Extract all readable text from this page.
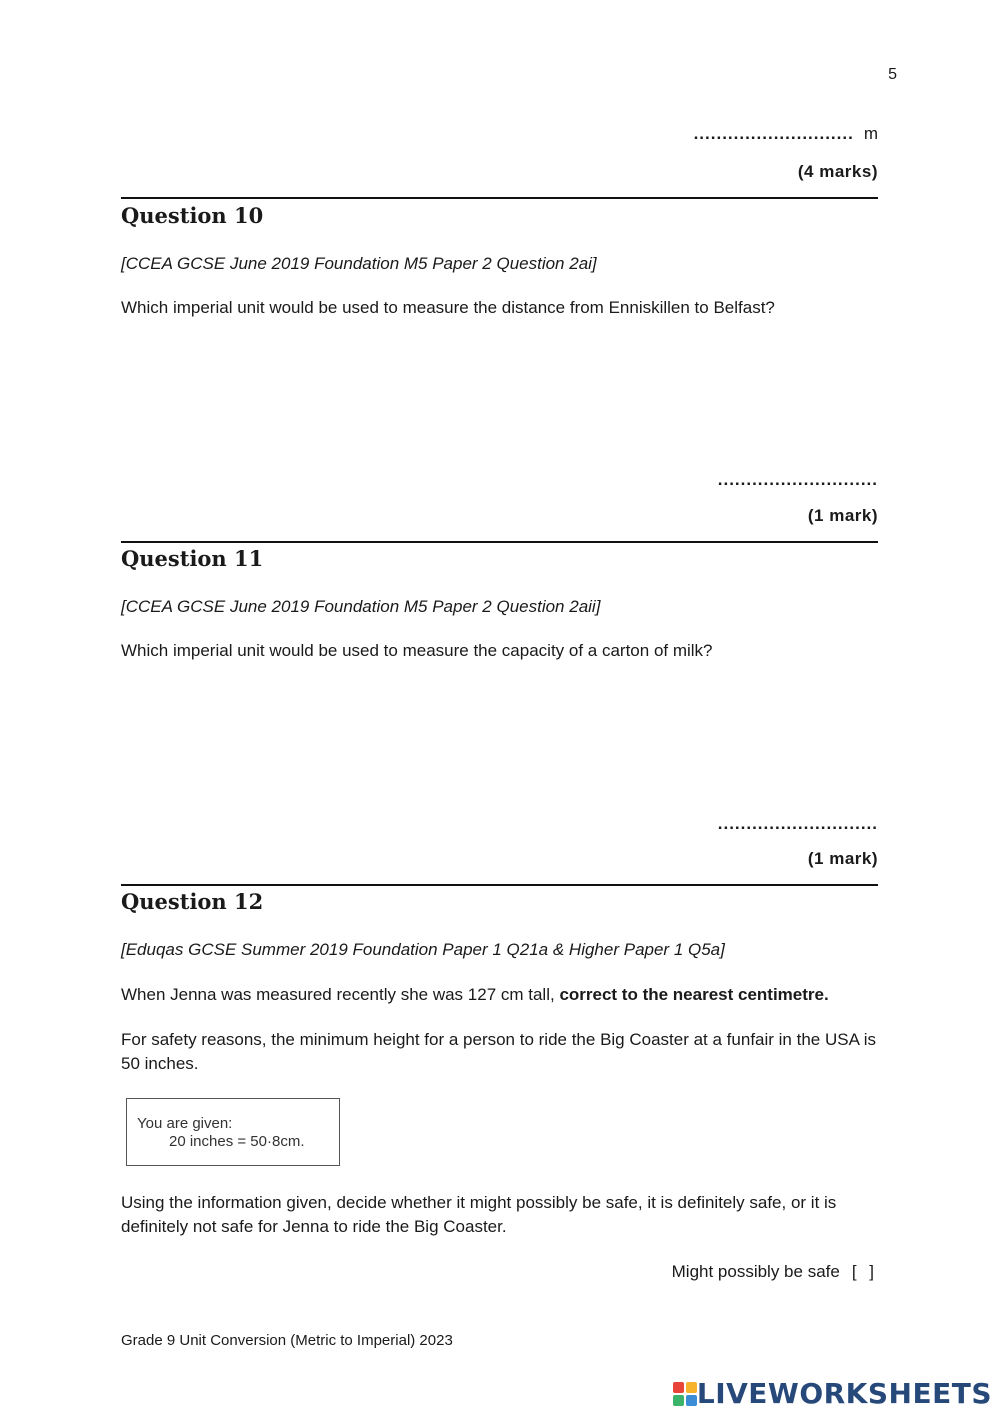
5
............................ m
(4 marks)
Question 10
[CCEA GCSE June 2019 Foundation M5 Paper 2 Question 2ai]
Which imperial unit would be used to measure the distance from Enniskillen to Belfast?
............................
(1 mark)
Question 11
[CCEA GCSE June 2019 Foundation M5 Paper 2 Question 2aii]
Which imperial unit would be used to measure the capacity of a carton of milk?
............................
(1 mark)
Question 12
[Eduqas GCSE Summer 2019 Foundation Paper 1 Q21a & Higher Paper 1 Q5a]
When Jenna was measured recently she was 127 cm tall, correct to the nearest centimetre.
For safety reasons, the minimum height for a person to ride the Big Coaster at a funfair in the USA is 50 inches.
You are given:
20 inches = 50·8cm.
Using the information given, decide whether it might possibly be safe, it is definitely safe, or it is definitely not safe for Jenna to ride the Big Coaster.
Might possibly be safe [ ]
Grade 9 Unit Conversion (Metric to Imperial) 2023
LIVEWORKSHEETS
